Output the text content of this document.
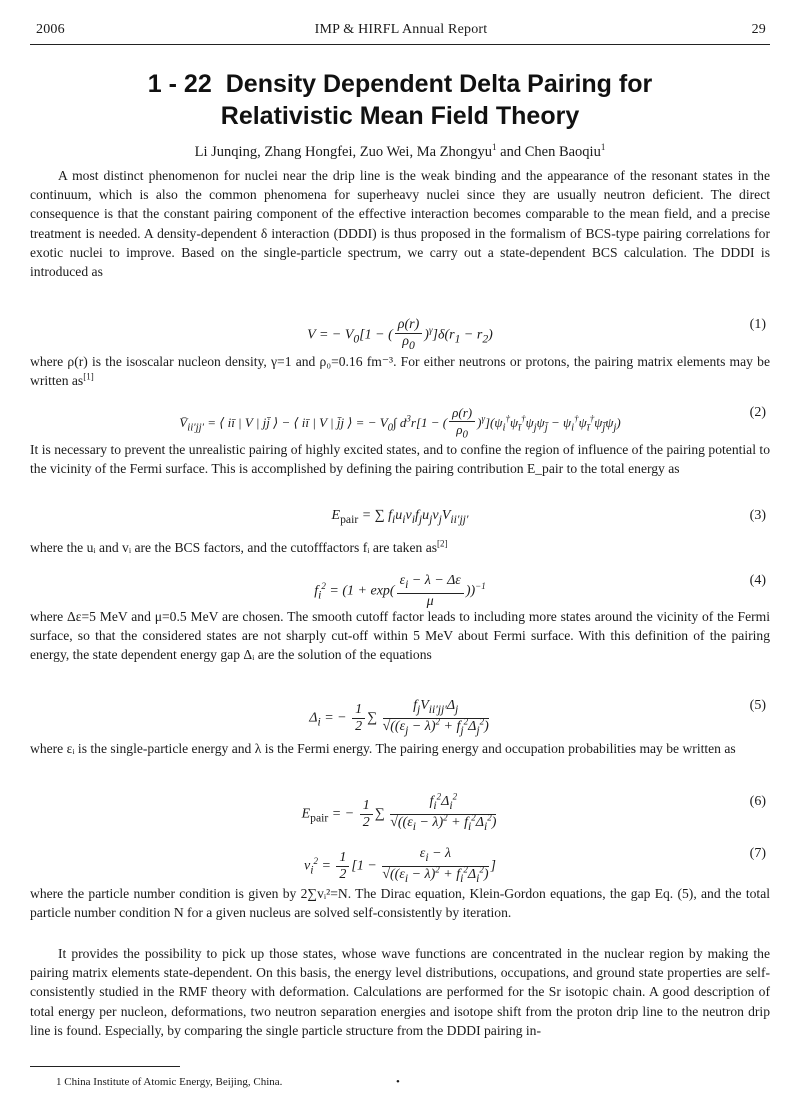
2006	IMP & HIRFL Annual Report	29
1 - 22 Density Dependent Delta Pairing for
Relativistic Mean Field Theory
Li Junqing, Zhang Hongfei, Zuo Wei, Ma Zhongyu$^1$ and Chen Baoqiu$^1$

A most distinct phenomenon for nuclei near the drip line is the weak binding and the appearance of the resonant states in the continuum, which is also the common phenomena for superheavy nuclei since they are usually neutron deficient. The direct consequence is that the constant pairing component of the effective interaction becomes comparable to the mean field, and a precise treatment is needed. A density-dependent δ interaction (DDDI) is thus proposed in the formalism of BCS-type pairing correlations for exotic nuclei to improve. Based on the single-particle spectrum, we carry out a state-dependent BCS calculation. The DDDI is introduced as

V = − $V_0[1$ − ( $\frac{\rho(r)}{\rho_0} )^\gamma]\delta(r_1 - r_2)$
(1)
where ρ(r) is the isoscalar nucleon density, γ=1 and ρ₀=0.16 fm⁻³. For either neutrons or protons, the pairing matrix elements may be written as[1]
$V̄_{ii'jj'}$ = ⟨ iī | V | jj̄ ⟩ − ⟨ iī | V | j̄j ⟩ = − $V_0\int$ $d^3r[1$ − ( $\frac{\rho(r)}{\rho_0} )^\gamma](\psi_i^\dagger\psi_ī^\dagger\psi_j\psi_{j̄} - \psi_i^\dagger\psi_ī^\dagger\psi_{j̄}\psi_j)$
(2)

It is necessary to prevent the unrealistic pairing of highly excited states, and to confine the region of influence of the pairing potential to the vicinity of the Fermi surface. This is accomplished by defining the pairing contribution E_pair to the total energy as

$E_{pair}$ = ∑ $f_iu_iv_if_ju_jv_jV_{ii'jj'}$	(3)
where the uᵢ and vᵢ are the BCS factors, and the cutofffactors fᵢ are taken as[2]
$f_i^2 = (1 + \exp( \frac{\varepsilon_i - \lambda - \Delta\varepsilon}{\mu} ))^{-1}$	(4)

where Δε=5 MeV and μ=0.5 MeV are chosen. The smooth cutoff factor leads to including more states around the vicinity of the Fermi surface, so that the considered states are not sharply cut-off within 5 MeV about Fermi surface. With this definition of the pairing energy, the state dependent energy gap Δᵢ are the solution of the equations

$\Delta_i$ = − $\frac{1}{2}$ ∑ $\frac{f_jV_{ii'jj'}\Delta_j}{√((\varepsilon_j - \lambda)^2 + f_j^2\Delta_j^2)}$	(5)

where εᵢ is the single-particle energy and λ is the Fermi energy. The pairing energy and occupation probabilities may be written as

$E_{pair}$ = − $\frac{1}{2}$ ∑ $\frac{f_i^2\Delta_i^2}{√((\varepsilon_i - \lambda)^2 + f_i^2\Delta_i^2)}$	(6)
$v_i^2 = \frac{1}{2} [1 - \frac{\varepsilon_i - \lambda}{√((\varepsilon_i - \lambda)^2 + f_i^2\Delta_i^2)}$ ]
(7)

where the particle number condition is given by 2∑vᵢ²=N. The Dirac equation, Klein-Gordon equations, the gap Eq. (5), and the total particle number condition N for a given nucleus are solved self-consistently by iteration.

It provides the possibility to pick up those states, whose wave functions are concentrated in the nuclear region by making the pairing matrix elements state-dependent. On this basis, the energy level distributions, occupations, and ground state properties are self-consistently studied in the RMF theory with deformation. Calculations are performed for the Sr isotopic chain. A good description of total energy per nucleon, deformations, two neutron separation energies and isotope shift from the proton drip line to the neutron drip line is found. Especially, by comparing the single particle structure from the DDDI pairing in-

1 China Institute of Atomic Energy, Beijing, China.	•
